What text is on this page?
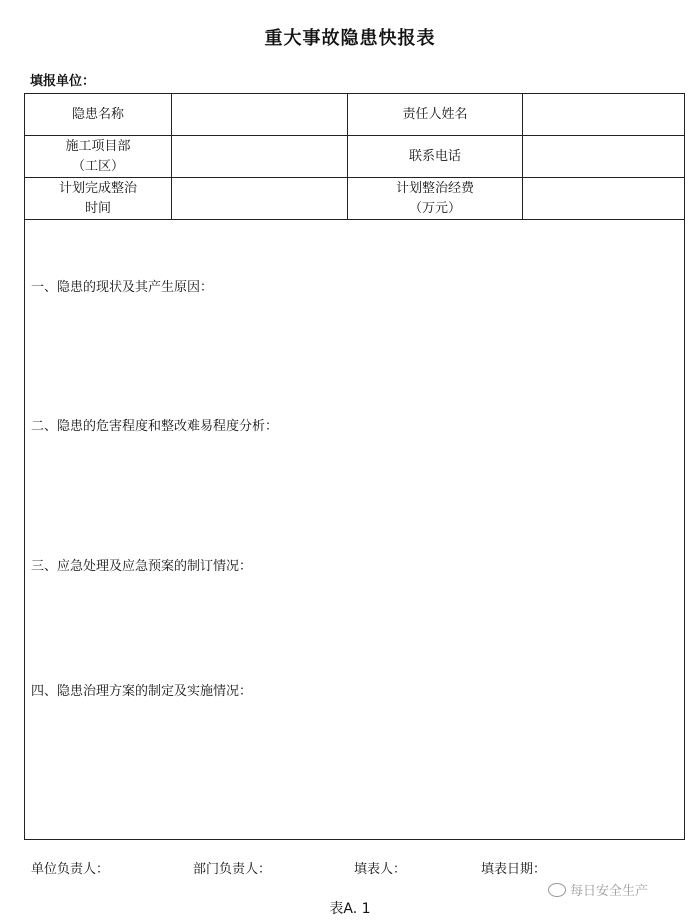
重大事故隐患快报表
填报单位：
隐患名称		责任人姓名	

施工项目部
（工区）		联系电话	

计划完成整治
时间		计划整治经费
（万元）	

一、隐患的现状及其产生原因：
二、隐患的危害程度和整改难易程度分析：
三、应急处理及应急预案的制订情况：
四、隐患治理方案的制定及实施情况：
单位负责人：	部门负责人：	填表人：	填表日期：
每日安全生产
表A. 1
